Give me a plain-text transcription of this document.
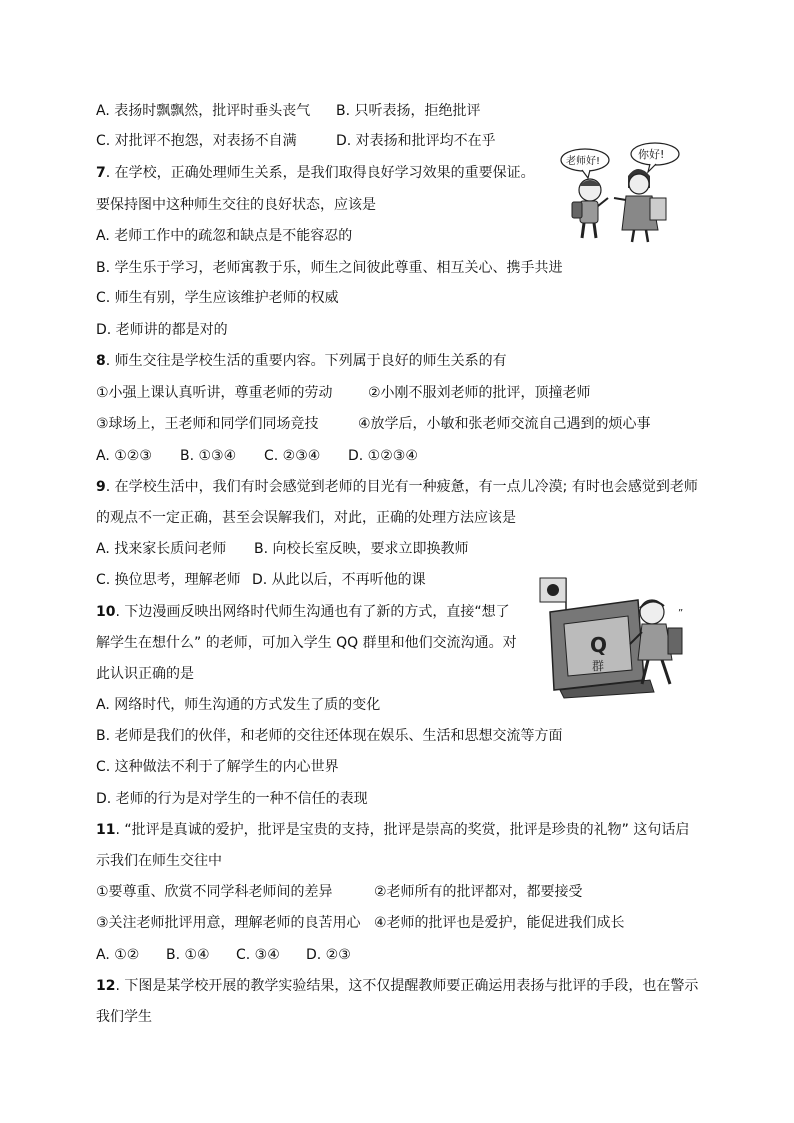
A. 表扬时飘飘然，批评时垂头丧气 B. 只听表扬，拒绝批评
C. 对批评不抱怨，对表扬不自满	D. 对表扬和批评均不在乎
7. 在学校，正确处理师生关系，是我们取得良好学习效果的重要保证。
要保持图中这种师生交往的良好状态，应该是
A. 老师工作中的疏忽和缺点是不能容忍的
B. 学生乐于学习，老师寓教于乐，师生之间彼此尊重、相互关心、携手共进
C. 师生有别，学生应该维护老师的权威
D. 老师讲的都是对的
老师好!
你好!
8. 师生交往是学校生活的重要内容。下列属于良好的师生关系的有
①小强上课认真听讲，尊重老师的劳动	②小刚不服刘老师的批评，顶撞老师
③球场上，王老师和同学们同场竞技	④放学后，小敏和张老师交流自己遇到的烦心事
A. ①②③ B. ①③④ C. ②③④ D. ①②③④
9. 在学校生活中，我们有时会感觉到老师的目光有一种疲惫，有一点儿冷漠; 有时也会感觉到老师
的观点不一定正确，甚至会误解我们，对此，正确的处理方法应该是
A. 找来家长质问老师 B. 向校长室反映，要求立即换教师
C. 换位思考，理解老师 D. 从此以后，不再听他的课
10. 下边漫画反映出网络时代师生沟通也有了新的方式，直接“想了
解学生在想什么” 的老师，可加入学生 QQ 群里和他们交流沟通。对
此认识正确的是
A. 网络时代，师生沟通的方式发生了质的变化
B. 老师是我们的伙伴，和老师的交往还体现在娱乐、生活和思想交流等方面
C. 这种做法不利于了解学生的内心世界
D. 老师的行为是对学生的一种不信任的表现
Q
群
”
11. “批评是真诚的爱护，批评是宝贵的支持，批评是崇高的奖赏，批评是珍贵的礼物” 这句话启
示我们在师生交往中
①要尊重、欣赏不同学科老师间的差异	②老师所有的批评都对，都要接受
③关注老师批评用意，理解老师的良苦用心 ④老师的批评也是爱护，能促进我们成长
A. ①② B. ①④ C. ③④ D. ②③
12. 下图是某学校开展的教学实验结果，这不仅提醒教师要正确运用表扬与批评的手段，也在警示
我们学生
